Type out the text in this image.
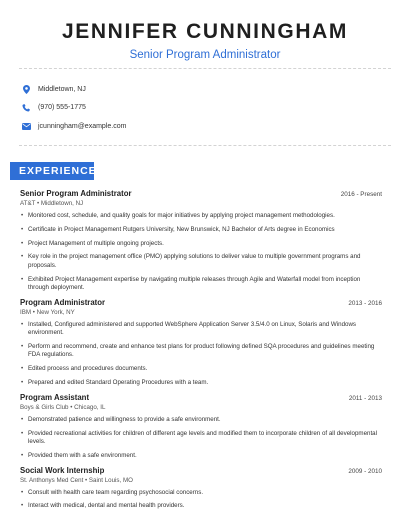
JENNIFER CUNNINGHAM
Senior Program Administrator
Middletown, NJ
(970) 555-1775
jcunningham@example.com
EXPERIENCE
Senior Program Administrator	2016 - Present
AT&T • Middletown, NJ
• Monitored cost, schedule, and quality goals for major initiatives by applying project management methodologies.
• Certificate in Project Management Rutgers University, New Brunswick, NJ Bachelor of Arts degree in Economics
• Project Management of multiple ongoing projects.
• Key role in the project management office (PMO) applying solutions to deliver value to multiple government programs and proposals.
• Exhibited Project Management expertise by navigating multiple releases through Agile and Waterfall model from inception through deployment.
Program Administrator	2013 - 2016
IBM • New York, NY
• Installed, Configured administered and supported WebSphere Application Server 3.5/4.0 on Linux, Solaris and Windows environment.
• Perform and recommend, create and enhance test plans for product following defined SQA procedures and guidelines meeting FDA regulations.
• Edited process and procedures documents.
• Prepared and edited Standard Operating Procedures with a team.
Program Assistant	2011 - 2013
Boys & Girls Club • Chicago, IL
• Demonstrated patience and willingness to provide a safe environment.
• Provided recreational activities for children of different age levels and modified them to incorporate children of all developmental levels.
• Provided them with a safe environment.
Social Work Internship	2009 - 2010
St. Anthonys Med Cent • Saint Louis, MO
• Consult with health care team regarding psychosocial concerns.
• Interact with medical, dental and mental health providers.
